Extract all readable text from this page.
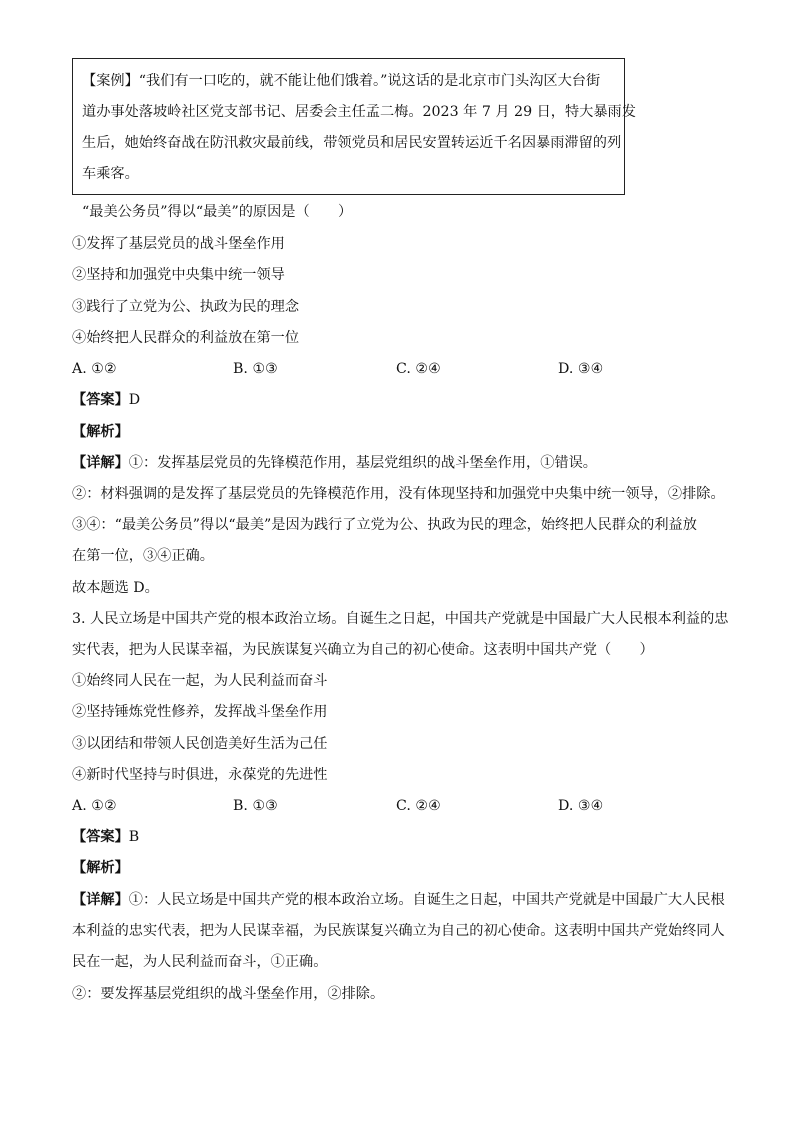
【案例】“我们有一口吃的，就不能让他们饿着。”说这话的是北京市门头沟区大台街
道办事处落坡岭社区党支部书记、居委会主任孟二梅。2023 年 7 月 29 日，特大暴雨发
生后，她始终奋战在防汛救灾最前线，带领党员和居民安置转运近千名因暴雨滞留的列
车乘客。
“最美公务员”得以“最美”的原因是（　　）
①发挥了基层党员的战斗堡垒作用
②坚持和加强党中央集中统一领导
③践行了立党为公、执政为民的理念
④始终把人民群众的利益放在第一位
A. ①②	B. ①③	C. ②④	D. ③④
【答案】D
【解析】
【详解】①：发挥基层党员的先锋模范作用，基层党组织的战斗堡垒作用，①错误。
②：材料强调的是发挥了基层党员的先锋模范作用，没有体现坚持和加强党中央集中统一领导，②排除。
③④：“最美公务员”得以“最美”是因为践行了立党为公、执政为民的理念，始终把人民群众的利益放
在第一位，③④正确。
故本题选 D。
3. 人民立场是中国共产党的根本政治立场。自诞生之日起，中国共产党就是中国最广大人民根本利益的忠
实代表，把为人民谋幸福，为民族谋复兴确立为自己的初心使命。这表明中国共产党（　　）
①始终同人民在一起，为人民利益而奋斗
②坚持锤炼党性修养，发挥战斗堡垒作用
③以团结和带领人民创造美好生活为己任
④新时代坚持与时俱进，永葆党的先进性
A. ①②	B. ①③	C. ②④	D. ③④
【答案】B
【解析】
【详解】①：人民立场是中国共产党的根本政治立场。自诞生之日起，中国共产党就是中国最广大人民根
本利益的忠实代表，把为人民谋幸福，为民族谋复兴确立为自己的初心使命。这表明中国共产党始终同人
民在一起，为人民利益而奋斗，①正确。
②：要发挥基层党组织的战斗堡垒作用，②排除。
